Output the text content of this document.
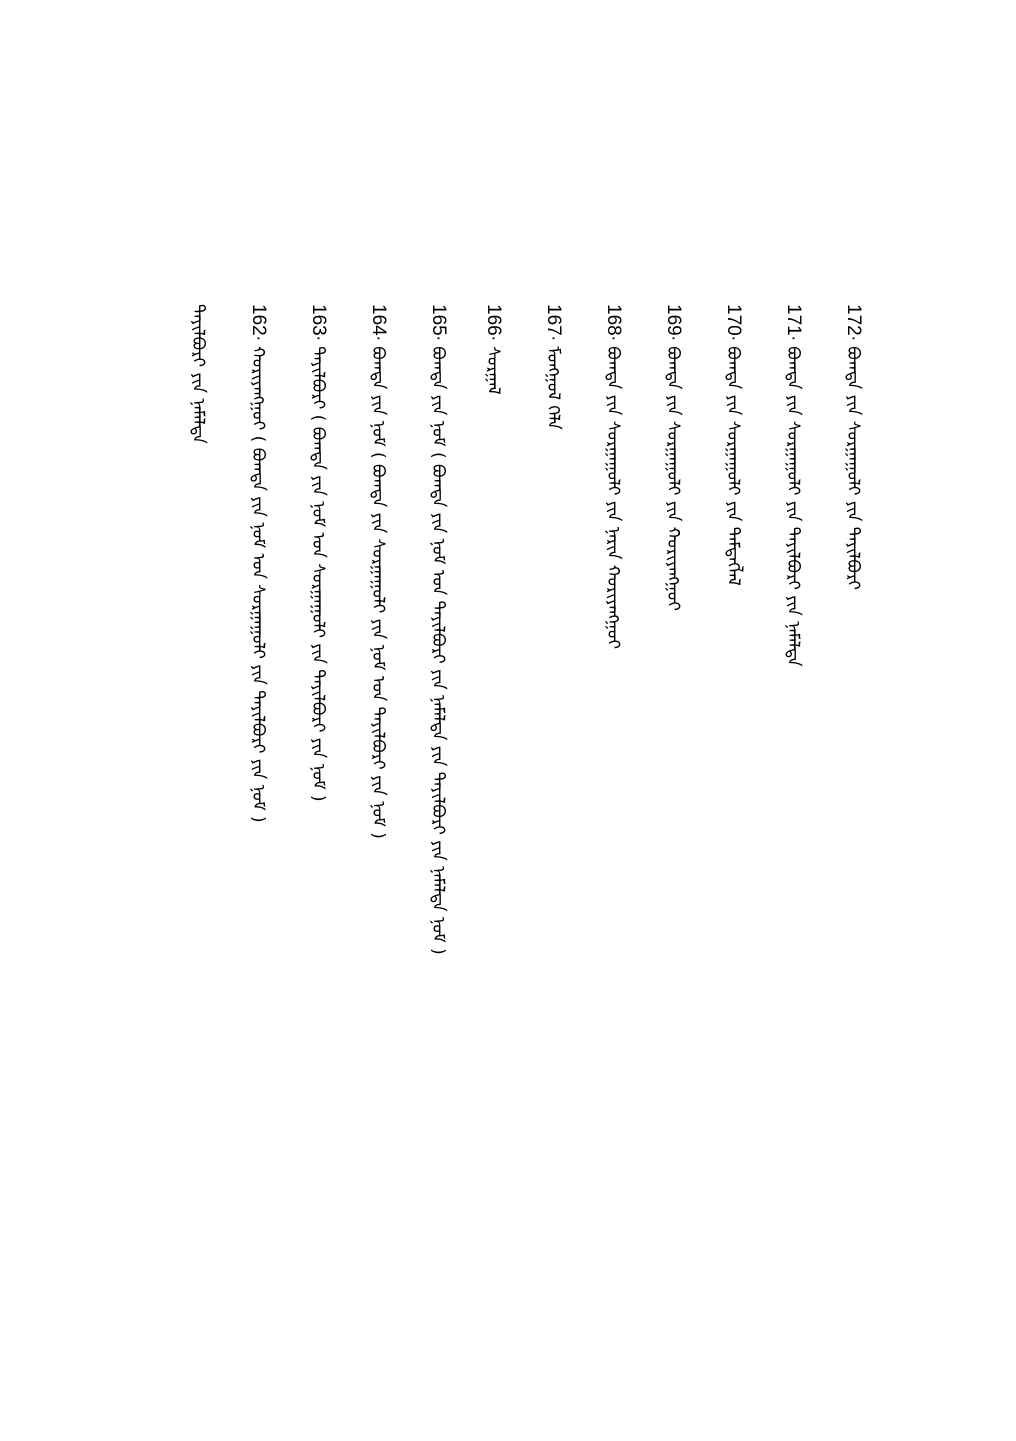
172· ᠪᠣᠭᠳᠠ ᠶᠢᠨ ᠰᠤᠷᠭᠠᠭᠤᠯᠢ ᠶᠢᠨ ᠲᠠᠶᠢᠯᠪᠤᠷᠢ
171· ᠪᠣᠭᠳᠠ ᠶᠢᠨ ᠰᠤᠷᠭᠠᠭᠤᠯᠢ ᠶᠢᠨ ᠲᠠᠶᠢᠯᠪᠤᠷᠢ ᠶᠢᠨ ᠨᠡᠮᠡᠯᠲᠡ
170· ᠪᠣᠭᠳᠠ ᠶᠢᠨ ᠰᠤᠷᠭᠠᠭᠤᠯᠢ ᠶᠢᠨ ᠲᠡᠮᠳᠡᠭᠯᠡᠯ
169· ᠪᠣᠭᠳᠠ ᠶᠢᠨ ᠰᠤᠷᠭᠠᠭᠤᠯᠢ ᠶᠢᠨ ᠬᠤᠷᠢᠶᠠᠩᠭᠤᠢ
168· ᠪᠣᠭᠳᠠ ᠶᠢᠨ ᠰᠤᠷᠭᠠᠭᠤᠯᠢ ᠶᠢᠨ ᠨᠠᠷᠢᠨ ᠬᠤᠷᠢᠶᠠᠩᠭᠤᠢ
167· ᠮᠣᠩᠭᠣᠯ ᠬᠡᠯᠡ
166· ᠰᠤᠷᠭᠠᠯ
165· ᠪᠣᠭᠳᠠ ᠶᠢᠨ ᠨᠣᠮ ( ᠪᠣᠭᠳᠠ ᠶᠢᠨ ᠨᠣᠮ ᠤᠨ ᠲᠠᠶᠢᠯᠪᠤᠷᠢ ᠶᠢᠨ ᠨᠡᠮᠡᠯᠲᠡ ᠶᠢᠨ ᠲᠠᠶᠢᠯᠪᠤᠷᠢ ᠶᠢᠨ ᠨᠡᠮᠡᠯᠲᠡ ᠨᠣᠮ )
164· ᠪᠣᠭᠳᠠ ᠶᠢᠨ ᠨᠣᠮ ( ᠪᠣᠭᠳᠠ ᠶᠢᠨ ᠰᠤᠷᠭᠠᠭᠤᠯᠢ ᠶᠢᠨ ᠨᠣᠮ ᠤᠨ ᠲᠠᠶᠢᠯᠪᠤᠷᠢ ᠶᠢᠨ ᠨᠣᠮ )
163· ᠲᠠᠶᠢᠯᠪᠤᠷᠢ ( ᠪᠣᠭᠳᠠ ᠶᠢᠨ ᠨᠣᠮ ᠤᠨ ᠰᠤᠷᠭᠠᠭᠤᠯᠢ ᠶᠢᠨ ᠲᠠᠶᠢᠯᠪᠤᠷᠢ ᠶᠢᠨ ᠨᠣᠮ )
162· ᠬᠤᠷᠢᠶᠠᠩᠭᠤᠢ ( ᠪᠣᠭᠳᠠ ᠶᠢᠨ ᠨᠣᠮ ᠤᠨ ᠰᠤᠷᠭᠠᠭᠤᠯᠢ ᠶᠢᠨ ᠲᠠᠶᠢᠯᠪᠤᠷᠢ ᠶᠢᠨ ᠨᠣᠮ )
ᠲᠠᠶᠢᠯᠪᠤᠷᠢ ᠶᠢᠨ ᠨᠡᠮᠡᠯᠲᠡ
